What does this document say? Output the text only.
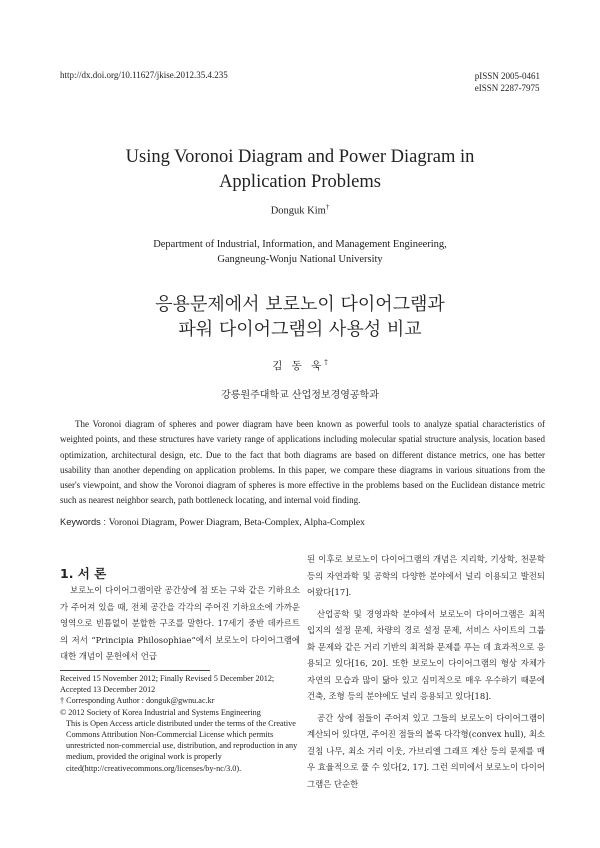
http://dx.doi.org/10.11627/jkise.2012.35.4.235	pISSN 2005-0461
eISSN 2287-7975
Using Voronoi Diagram and Power Diagram in
Application Problems
Donguk Kim†
Department of Industrial, Information, and Management Engineering,
Gangneung-Wonju National University
응용문제에서 보로노이 다이어그램과
파워 다이어그램의 사용성 비교
김 동 욱†
강릉원주대학교 산업정보경영공학과
The Voronoi diagram of spheres and power diagram have been known as powerful tools to analyze spatial characteristics of weighted points, and these structures have variety range of applications including molecular spatial structure analysis, location based optimization, architectural design, etc. Due to the fact that both diagrams are based on different distance metrics, one has better usability than another depending on application problems. In this paper, we compare these diagrams in various situations from the user's viewpoint, and show the Voronoi diagram of spheres is more effective in the problems based on the Euclidean distance metric such as nearest neighbor search, path bottleneck locating, and internal void finding.
Keywords : Voronoi Diagram, Power Diagram, Beta-Complex, Alpha-Complex
1. 서 론

보로노이 다이어그램이란 공간상에 점 또는 구와 같은 기하요소가 주어져 있을 때, 전체 공간을 각각의 주어진 기하요소에 가까운 영역으로 빈틈없이 분할한 구조를 말한다. 17세기 중반 데카르트의 저서 “Principia Philosophiae”에서 보로노이 다이어그램에 대한 개념이 문헌에서 언급

Received 15 November 2012; Finally Revised 5 December 2012;
Accepted 13 December 2012
† Corresponding Author : donguk@gwnu.ac.kr
© 2012 Society of Korea Industrial and Systems Engineering
This is Open Access article distributed under the terms of the Creative Commons Attribution Non-Commercial License which permits unrestricted non-commercial use, distribution, and reproduction in any medium, provided the original work is properly cited(http://creativecommons.org/licenses/by-nc/3.0).

된 이후로 보로노이 다이어그램의 개념은 지리학, 기상학, 천문학 등의 자연과학 및 공학의 다양한 분야에서 널리 이용되고 발전되어왔다[17].

산업공학 및 경영과학 분야에서 보로노이 다이어그램은 최적 입지의 설정 문제, 차량의 경로 설정 문제, 서비스 사이트의 그룹화 문제와 같은 거리 기반의 최적화 문제를 푸는 데 효과적으로 응용되고 있다[16, 20]. 또한 보로노이 다이어그램의 형상 자체가 자연의 모습과 많이 닮아 있고 심미적으로 매우 우수하기 때문에 건축, 조형 등의 분야에도 널리 응용되고 있다[18].

공간 상에 점들이 주어져 있고 그들의 보로노이 다이어그램이 계산되어 있다면, 주어진 점들의 볼록 다각형(convex hull), 최소 걸침 나무, 최소 거리 이웃, 가브리엘 그래프 계산 등의 문제를 매우 효율적으로 풀 수 있다[2, 17]. 그런 의미에서 보로노이 다이어그램은 단순한
